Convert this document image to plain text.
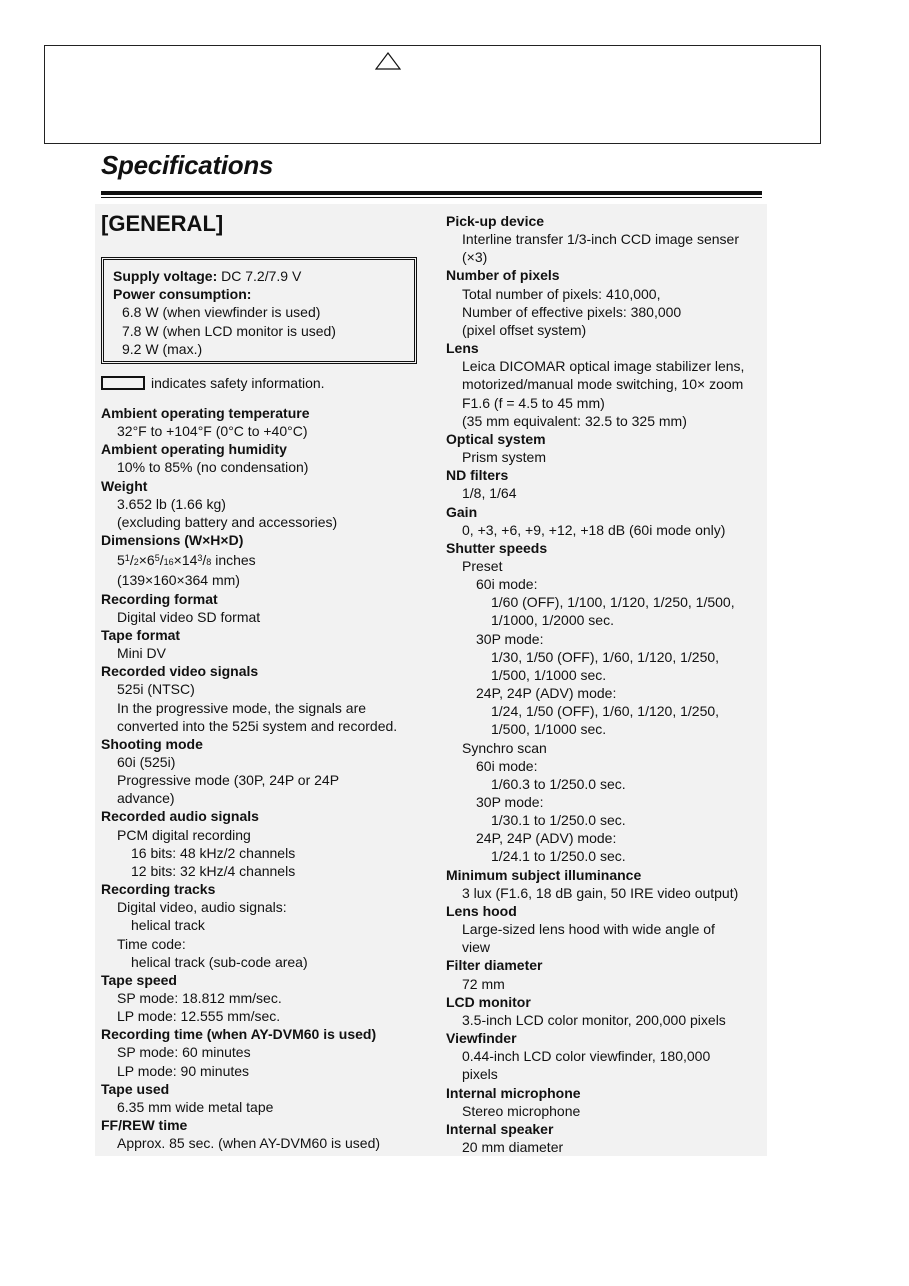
Specifications
[GENERAL]
Supply voltage: DC 7.2/7.9 V
Power consumption:
6.8 W (when viewfinder is used)
7.8 W (when LCD monitor is used)
9.2 W (max.)
indicates safety information.
Ambient operating temperature
32°F to +104°F (0°C to +40°C)
Ambient operating humidity
10% to 85% (no condensation)
Weight
3.652 lb (1.66 kg)
(excluding battery and accessories)
Dimensions (W×H×D)
$5^1/2\times 6^5/16\times 14^3/8$ inches
(139×160×364 mm)
Recording format
Digital video SD format
Tape format
Mini DV
Recorded video signals
525i (NTSC)
In the progressive mode, the signals are
converted into the 525i system and recorded.
Shooting mode
60i (525i)
Progressive mode (30P, 24P or 24P
advance)
Recorded audio signals
PCM digital recording
16 bits: 48 kHz/2 channels
12 bits: 32 kHz/4 channels
Recording tracks
Digital video, audio signals:
helical track
Time code:
helical track (sub-code area)
Tape speed
SP mode: 18.812 mm/sec.
LP mode: 12.555 mm/sec.
Recording time (when AY-DVM60 is used)
SP mode: 60 minutes
LP mode: 90 minutes
Tape used
6.35 mm wide metal tape
FF/REW time
Approx. 85 sec. (when AY-DVM60 is used)
Pick-up device
Interline transfer 1/3-inch CCD image senser
(×3)
Number of pixels
Total number of pixels: 410,000,
Number of effective pixels: 380,000
(pixel offset system)
Lens
Leica DICOMAR optical image stabilizer lens,
motorized/manual mode switching, 10× zoom
F1.6 (f = 4.5 to 45 mm)
(35 mm equivalent: 32.5 to 325 mm)
Optical system
Prism system
ND filters
1/8, 1/64
Gain
0, +3, +6, +9, +12, +18 dB (60i mode only)
Shutter speeds
Preset
60i mode:
1/60 (OFF), 1/100, 1/120, 1/250, 1/500,
1/1000, 1/2000 sec.
30P mode:
1/30, 1/50 (OFF), 1/60, 1/120, 1/250,
1/500, 1/1000 sec.
24P, 24P (ADV) mode:
1/24, 1/50 (OFF), 1/60, 1/120, 1/250,
1/500, 1/1000 sec.
Synchro scan
60i mode:
1/60.3 to 1/250.0 sec.
30P mode:
1/30.1 to 1/250.0 sec.
24P, 24P (ADV) mode:
1/24.1 to 1/250.0 sec.
Minimum subject illuminance
3 lux (F1.6, 18 dB gain, 50 IRE video output)
Lens hood
Large-sized lens hood with wide angle of
view
Filter diameter
72 mm
LCD monitor
3.5-inch LCD color monitor, 200,000 pixels
Viewfinder
0.44-inch LCD color viewfinder, 180,000
pixels
Internal microphone
Stereo microphone
Internal speaker
20 mm diameter
